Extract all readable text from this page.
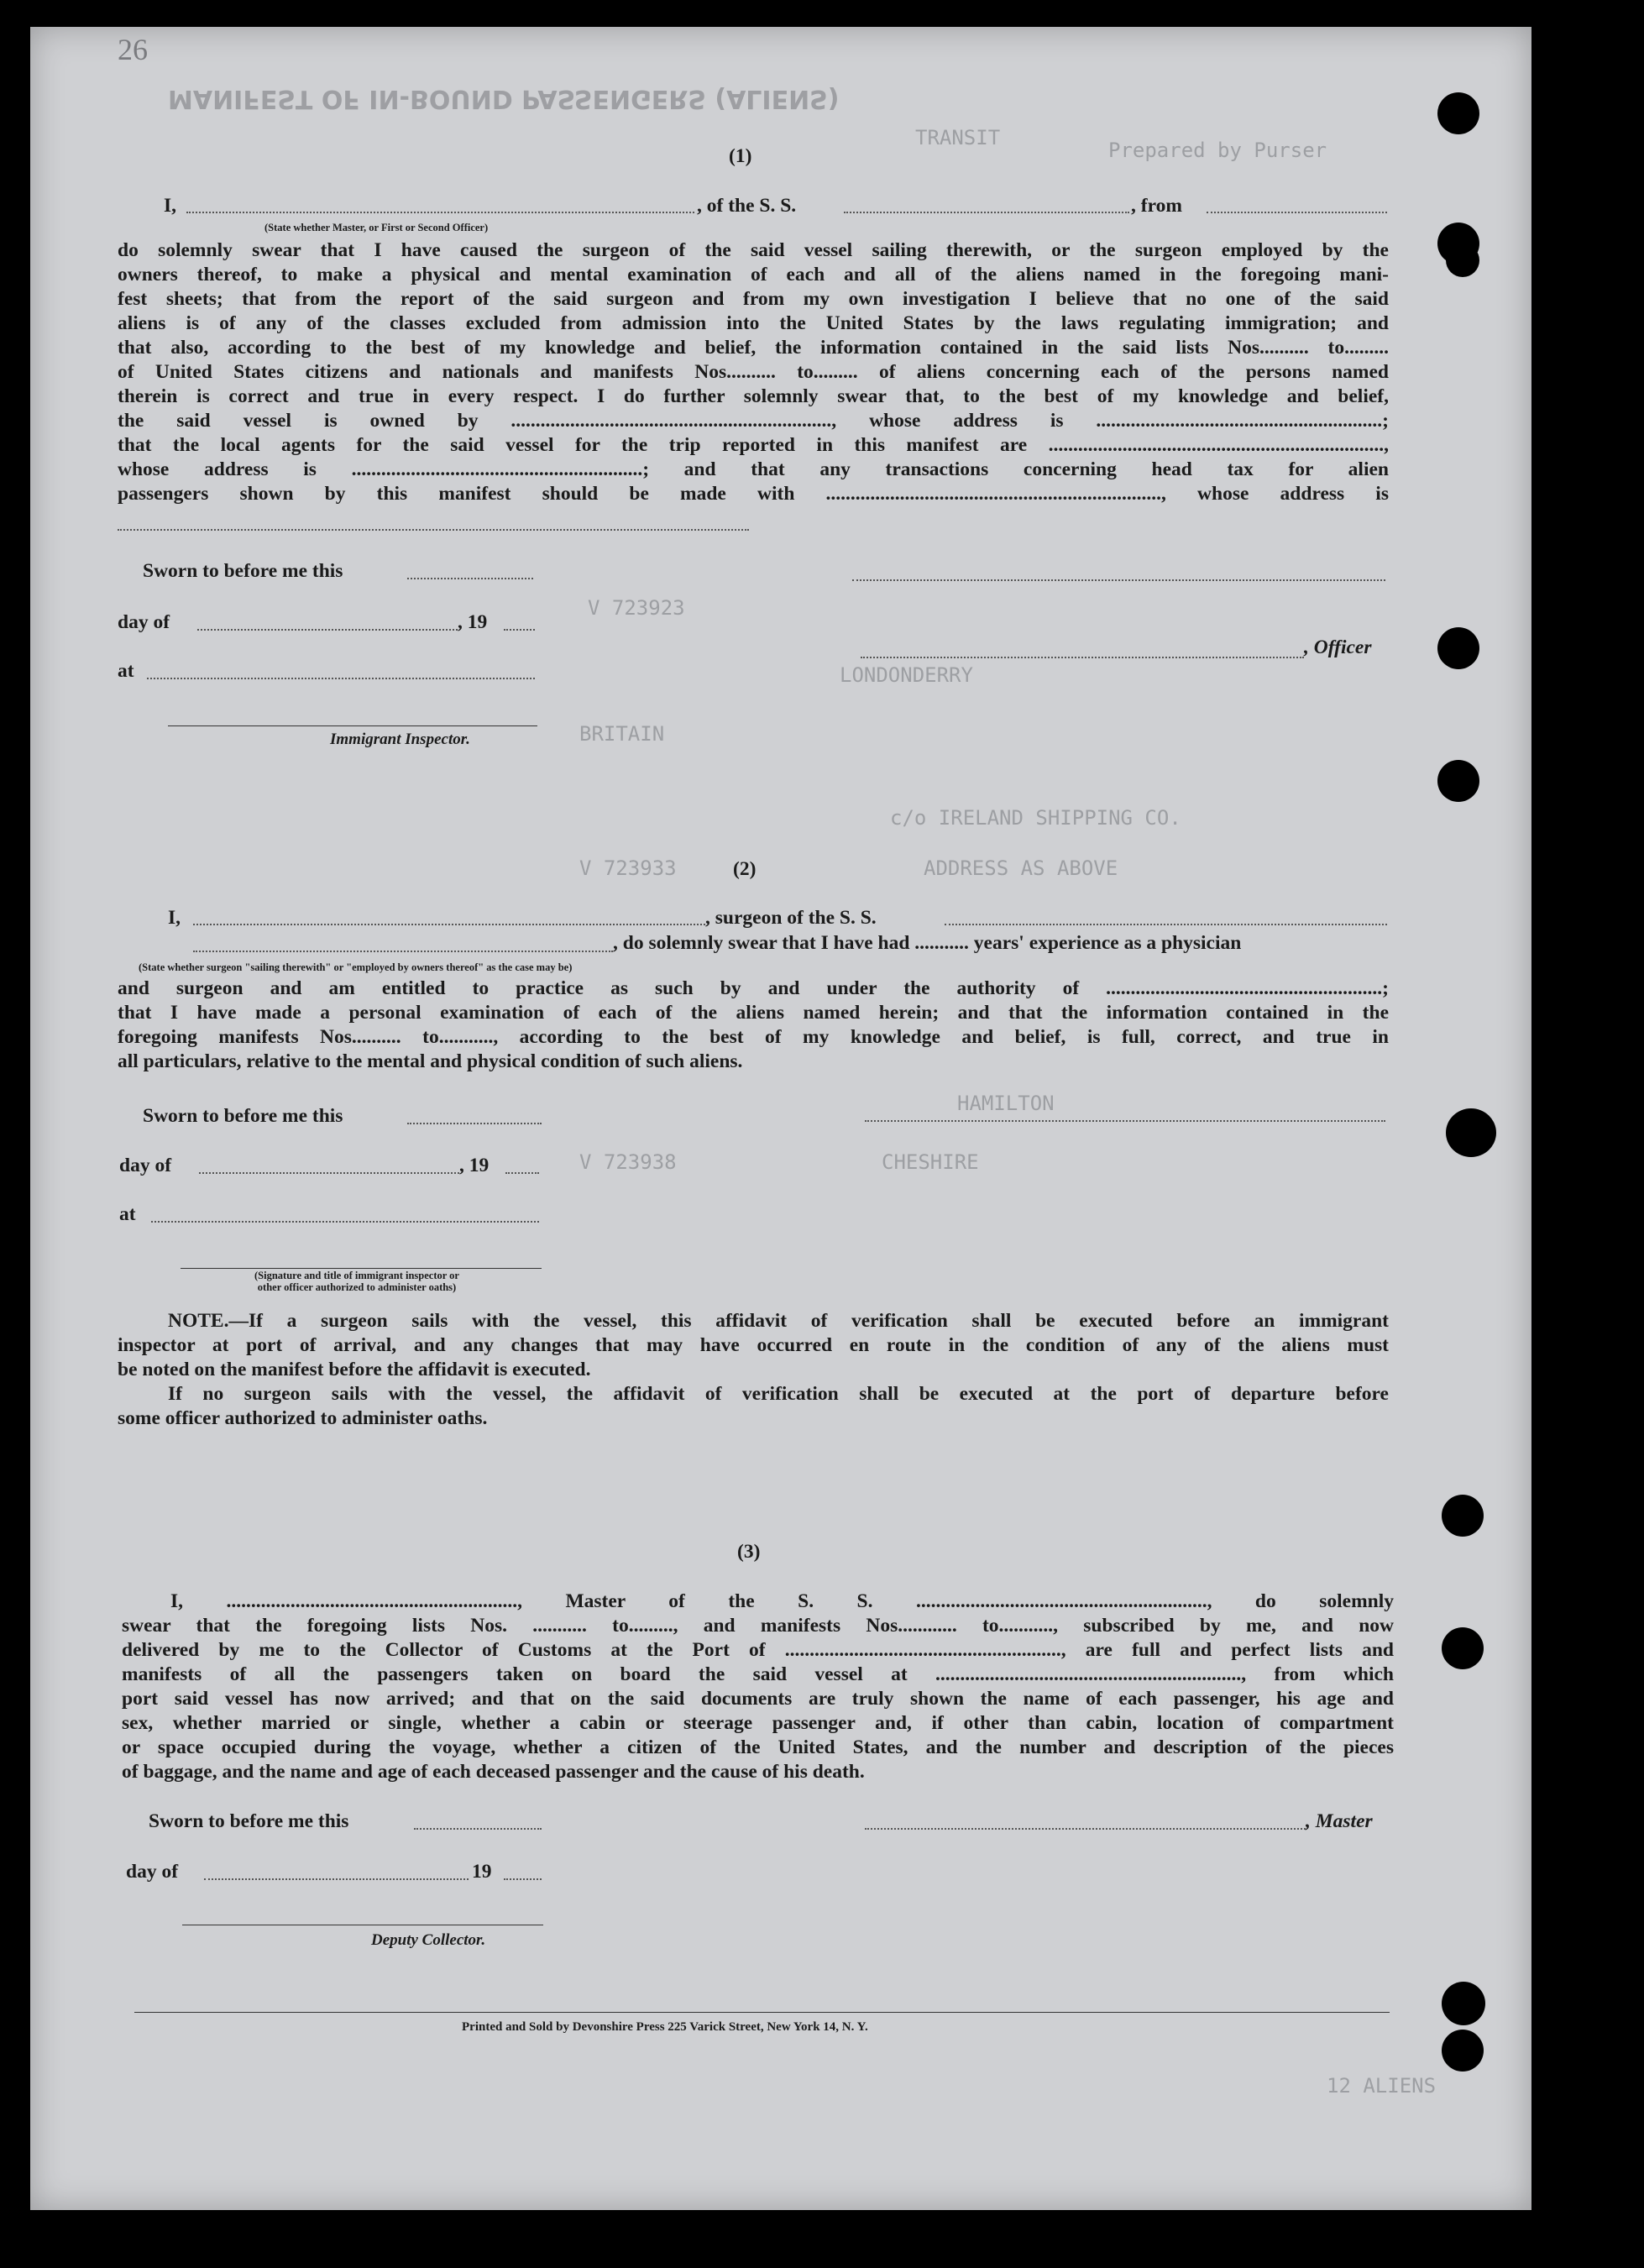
MANIFEST OF IN-BOUND PASSENGERS (ALIENS)
TRANSIT
Prepared by Purser
V 723923
LONDONDERRY
BRITAIN
c/o IRELAND SHIPPING CO.
V 723933	ADDRESS AS ABOVE
HAMILTON
V 723938	CHESHIRE
12 ALIENS
26
(1)
I,	, of the S. S.	, from
(State whether Master, or First or Second Officer)
do solemnly swear that I have caused the surgeon of the said vessel sailing therewith, or the surgeon employed by the
owners thereof, to make a physical and mental examination of each and all of the aliens named in the foregoing mani-
fest sheets; that from the report of the said surgeon and from my own investigation I believe that no one of the said
aliens is of any of the classes excluded from admission into the United States by the laws regulating immigration; and
that also, according to the best of my knowledge and belief, the information contained in the said lists Nos.......... to.........
of United States citizens and nationals and manifests Nos.......... to......... of aliens concerning each of the persons named
therein is correct and true in every respect. I do further solemnly swear that, to the best of my knowledge and belief,
the said vessel is owned by ................................................................., whose address is ..........................................................;
that the local agents for the said vessel for the trip reported in this manifest are ....................................................................,
whose address is ...........................................................; and that any transactions concerning head tax for alien
passengers shown by this manifest should be made with ...................................................................., whose address is
Sworn to before me this
day of	, 19
at
Immigrant Inspector.
, Officer
(2)
I,	, surgeon of the S. S.
, do solemnly swear that I have had ........... years' experience as a physician
(State whether surgeon "sailing therewith" or "employed by owners thereof" as the case may be)
and surgeon and am entitled to practice as such by and under the authority of ........................................................;
that I have made a personal examination of each of the aliens named herein; and that the information contained in the
foregoing manifests Nos.......... to..........., according to the best of my knowledge and belief, is full, correct, and true in
all particulars, relative to the mental and physical condition of such aliens.
Sworn to before me this
day of	, 19
at
(Signature and title of immigrant inspector or
other officer authorized to administer oaths)
NOTE.—If a surgeon sails with the vessel, this affidavit of verification shall be executed before an immigrant
inspector at port of arrival, and any changes that may have occurred en route in the condition of any of the aliens must
be noted on the manifest before the affidavit is executed.
If no surgeon sails with the vessel, the affidavit of verification shall be executed at the port of departure before
some officer authorized to administer oaths.
(3)
I, ..........................................................., Master of the S. S. ..........................................................., do solemnly
swear that the foregoing lists Nos. ........... to........., and manifests Nos............ to..........., subscribed by me, and now
delivered by me to the Collector of Customs at the Port of ........................................................, are full and perfect lists and
manifests of all the passengers taken on board the said vessel at .............................................................., from which
port said vessel has now arrived; and that on the said documents are truly shown the name of each passenger, his age and
sex, whether married or single, whether a cabin or steerage passenger and, if other than cabin, location of compartment
or space occupied during the voyage, whether a citizen of the United States, and the number and description of the pieces
of baggage, and the name and age of each deceased passenger and the cause of his death.
Sworn to before me this
day of	19
, Master
Deputy Collector.
Printed and Sold by Devonshire Press 225 Varick Street, New York 14, N. Y.
